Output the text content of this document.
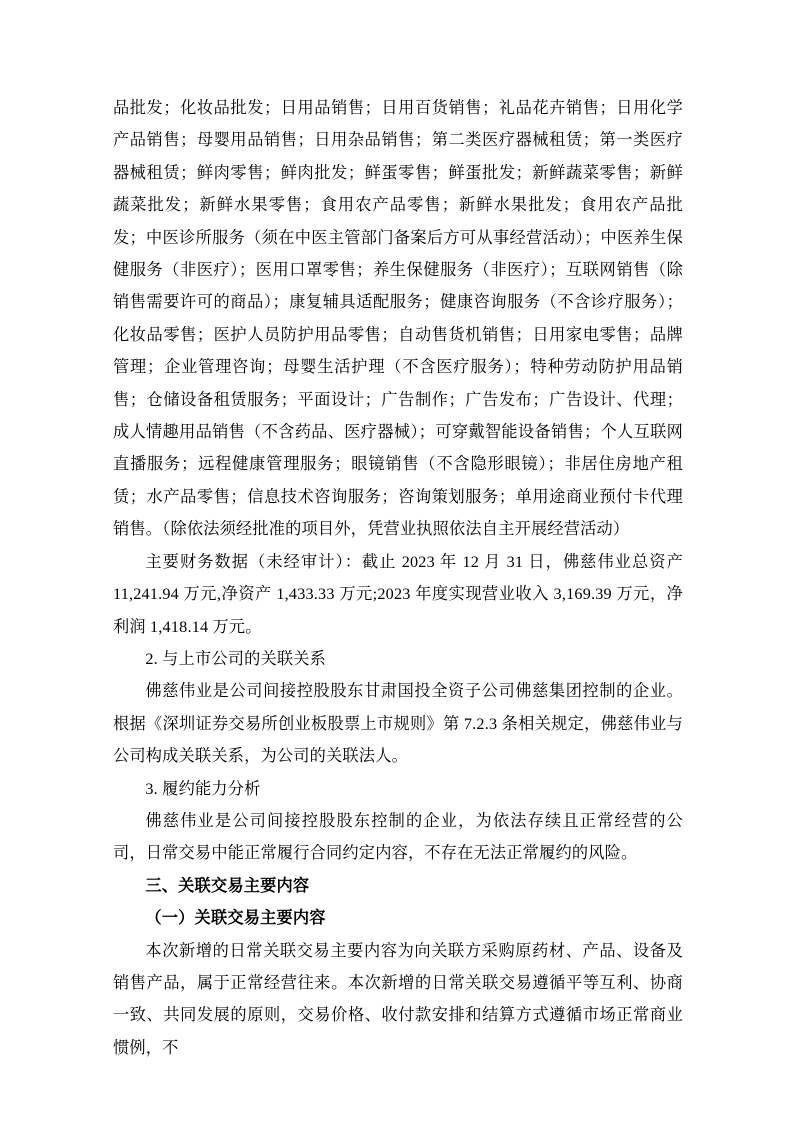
品批发；化妆品批发；日用品销售；日用百货销售；礼品花卉销售；日用化学产品销售；母婴用品销售；日用杂品销售；第二类医疗器械租赁；第一类医疗器械租赁；鲜肉零售；鲜肉批发；鲜蛋零售；鲜蛋批发；新鲜蔬菜零售；新鲜蔬菜批发；新鲜水果零售；食用农产品零售；新鲜水果批发；食用农产品批发；中医诊所服务（须在中医主管部门备案后方可从事经营活动）；中医养生保健服务（非医疗）；医用口罩零售；养生保健服务（非医疗）；互联网销售（除销售需要许可的商品）；康复辅具适配服务；健康咨询服务（不含诊疗服务）；化妆品零售；医护人员防护用品零售；自动售货机销售；日用家电零售；品牌管理；企业管理咨询；母婴生活护理（不含医疗服务）；特种劳动防护用品销售；仓储设备租赁服务；平面设计；广告制作；广告发布；广告设计、代理；成人情趣用品销售（不含药品、医疗器械）；可穿戴智能设备销售；个人互联网直播服务；远程健康管理服务；眼镜销售（不含隐形眼镜）；非居住房地产租赁；水产品零售；信息技术咨询服务；咨询策划服务；单用途商业预付卡代理销售。（除依法须经批准的项目外，凭营业执照依法自主开展经营活动）

主要财务数据（未经审计）：截止 2023 年 12 月 31 日，佛慈伟业总资产 11,241.94 万元,净资产 1,433.33 万元;2023 年度实现营业收入 3,169.39 万元，净利润 1,418.14 万元。

2. 与上市公司的关联关系

佛慈伟业是公司间接控股股东甘肃国投全资子公司佛慈集团控制的企业。根据《深圳证券交易所创业板股票上市规则》第 7.2.3 条相关规定，佛慈伟业与公司构成关联关系，为公司的关联法人。

3. 履约能力分析

佛慈伟业是公司间接控股股东控制的企业，为依法存续且正常经营的公司，日常交易中能正常履行合同约定内容，不存在无法正常履约的风险。

三、关联交易主要内容

（一）关联交易主要内容

本次新增的日常关联交易主要内容为向关联方采购原药材、产品、设备及销售产品，属于正常经营往来。本次新增的日常关联交易遵循平等互利、协商一致、共同发展的原则，交易价格、收付款安排和结算方式遵循市场正常商业惯例，不
